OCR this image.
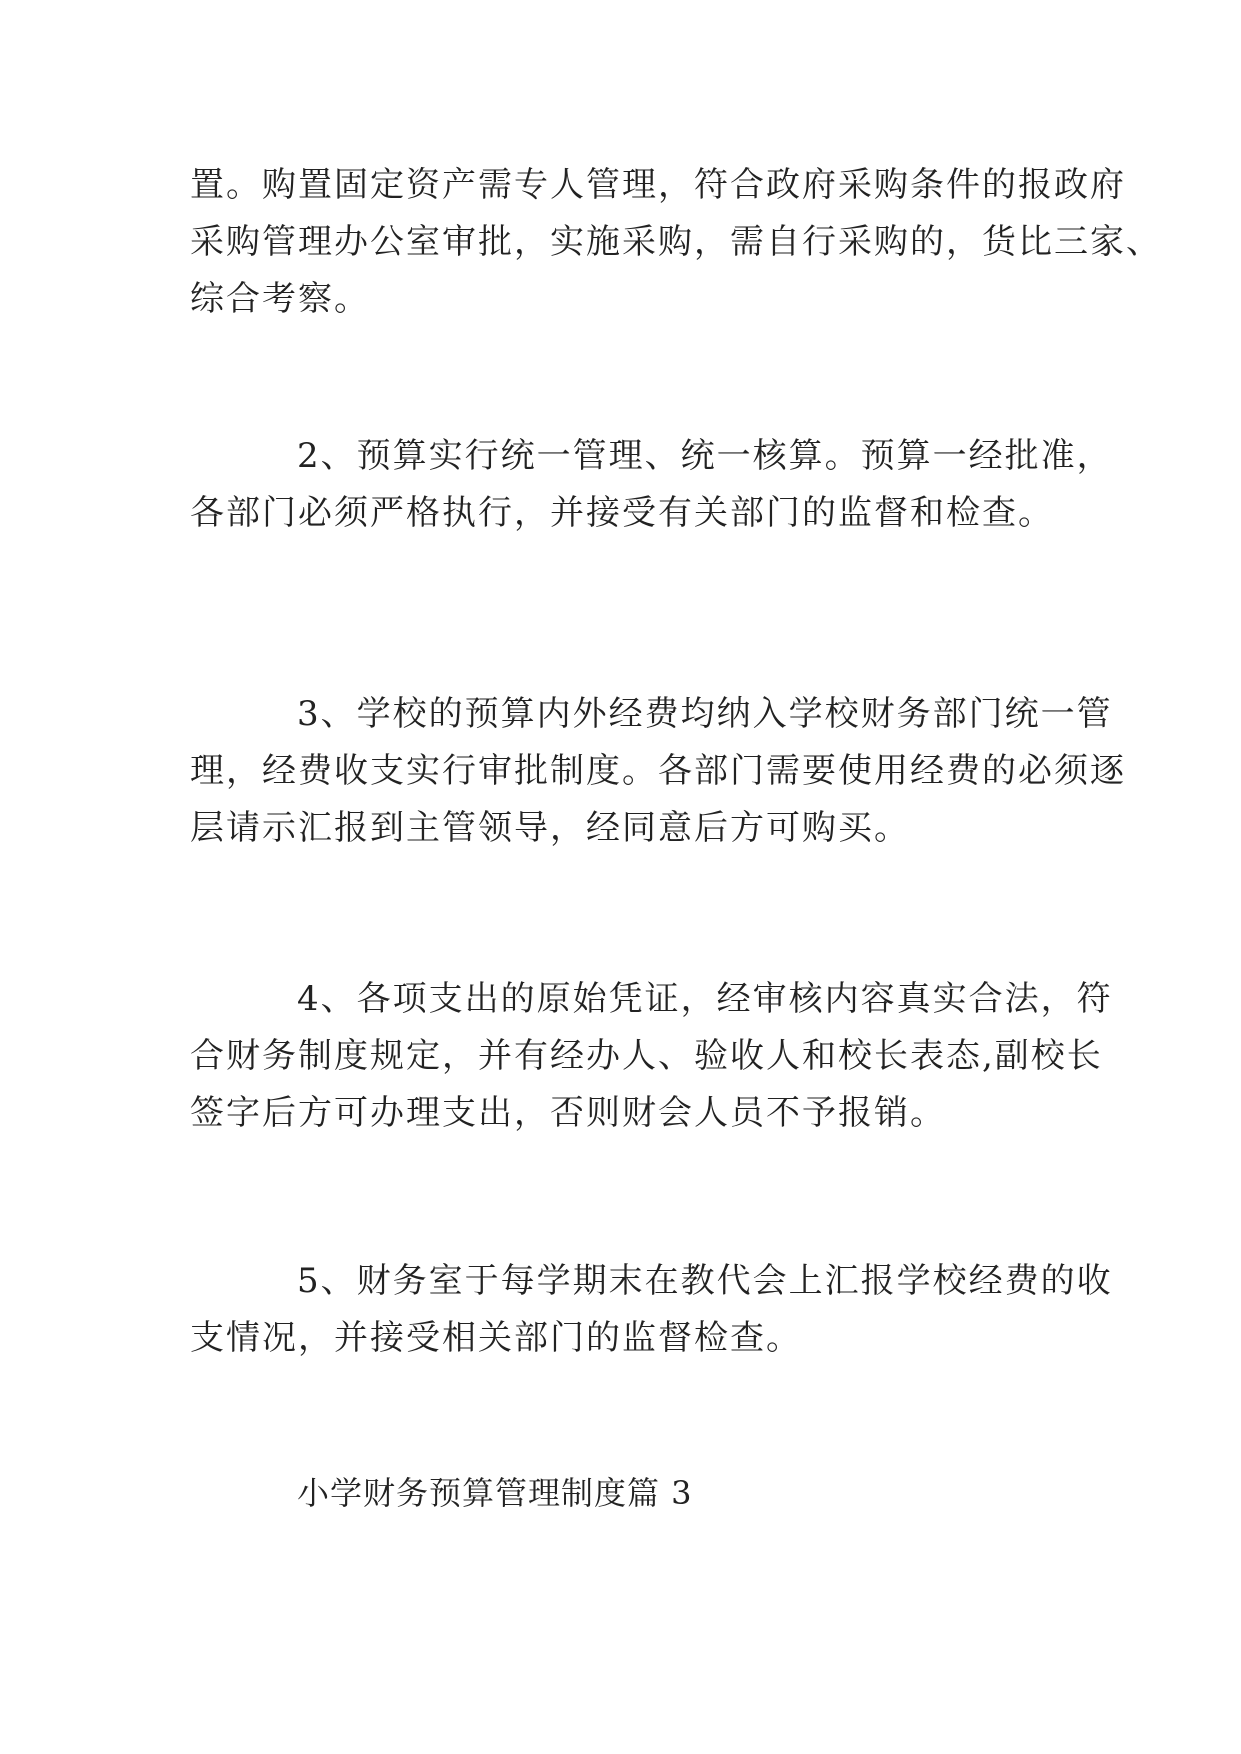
置。购置固定资产需专人管理，符合政府采购条件的报政府
采购管理办公室审批，实施采购，需自行采购的，货比三家、
综合考察。

2、预算实行统一管理、统一核算。预算一经批准，
各部门必须严格执行，并接受有关部门的监督和检查。

3、学校的预算内外经费均纳入学校财务部门统一管
理，经费收支实行审批制度。各部门需要使用经费的必须逐
层请示汇报到主管领导，经同意后方可购买。

4、各项支出的原始凭证，经审核内容真实合法，符
合财务制度规定，并有经办人、验收人和校长表态,副校长
签字后方可办理支出，否则财会人员不予报销。

5、财务室于每学期末在教代会上汇报学校经费的收
支情况，并接受相关部门的监督检查。

小学财务预算管理制度篇 3
